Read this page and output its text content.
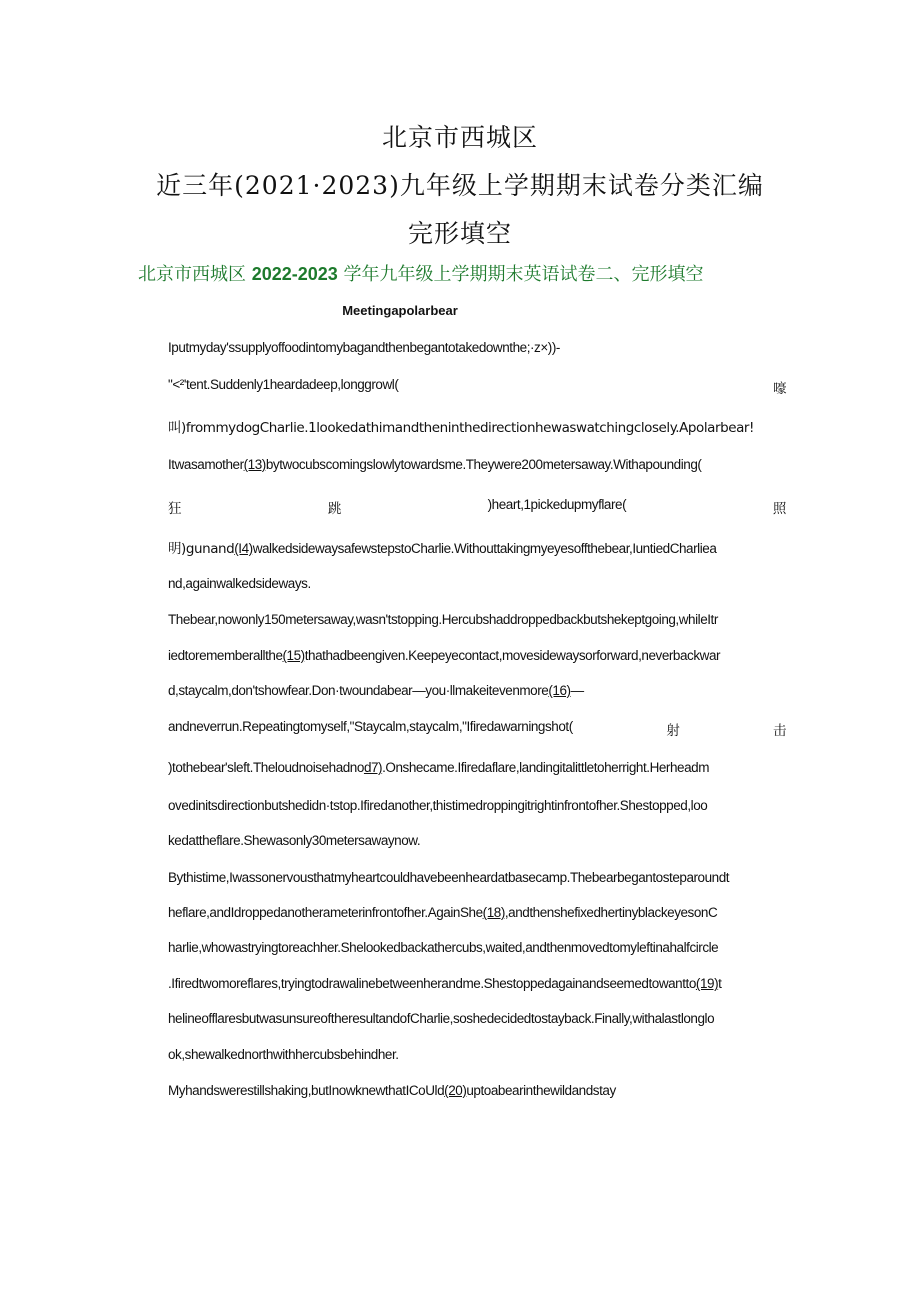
北京市西城区
近三年(2021·2023)九年级上学期期末试卷分类汇编
完形填空
北京市西城区 2022-2023 学年九年级上学期期末英语试卷二、完形填空
Meetingapolarbear
Iputmyday'ssupplyoffoodintomybagandthenbegantotakedownthe;·z×))-
"<²'tent.Suddenly1heardadeep,longgrowl(	嚎
叫)frommydogCharlie.1lookedathimandtheninthedirectionhewaswatchingclosely.Apolarbear!
Itwasamother(13)bytwocubscomingslowlytowardsme.Theywere200metersaway.Withapounding(
狂	跳	)heart,1pickedupmyflare(	照
明)gunand(I4)walkedsidewaysafewstepstoCharlie.Withouttakingmyeyesoffthebear,IuntiedCharliea
nd,againwalkedsideways.
Thebear,nowonly150metersaway,wasn'tstopping.Hercubshaddroppedbackbutshekeptgoing,whileItr
iedtorememberallthe(15)thathadbeengiven.Keepeyecontact,movesidewaysorforward,neverbackwar
d,staycalm,don'tshowfear.Don·twoundabear—you·llmakeitevenmore(16)—
andneverrun.Repeatingtomyself,"Staycalm,staycalm,"Ifiredawarningshot(	射	击
)tothebear'sleft.Theloudnoisehadnod7).Onshecame.Ifiredaflare,landingitalittletoherright.Herheadm
ovedinitsdirectionbutshedidn·tstop.Ifiredanother,thistimedroppingitrightinfrontofher.Shestopped,loo
kedattheflare.Shewasonly30metersawaynow.
Bythistime,Iwassonervousthatmyheartcouldhavebeenheardatbasecamp.Thebearbegantosteparoundt
heflare,andIdroppedanotherameterinfrontofher.AgainShe(18),andthenshefixedhertinyblackeyesonC
harlie,whowastryingtoreachher.Shelookedbackathercubs,waited,andthenmovedtomyleftinahalfcircle
.Ifiredtwomoreflares,tryingtodrawalinebetweenherandme.Shestoppedagainandseemedtowantto(19)t
helineofflaresbutwasunsureoftheresultandofCharlie,soshedecidedtostayback.Finally,withalastlonglo
ok,shewalkednorthwithhercubsbehindher.
Myhandswerestillshaking,butInowknewthatICoUld(20)uptoabearinthewildandstay
